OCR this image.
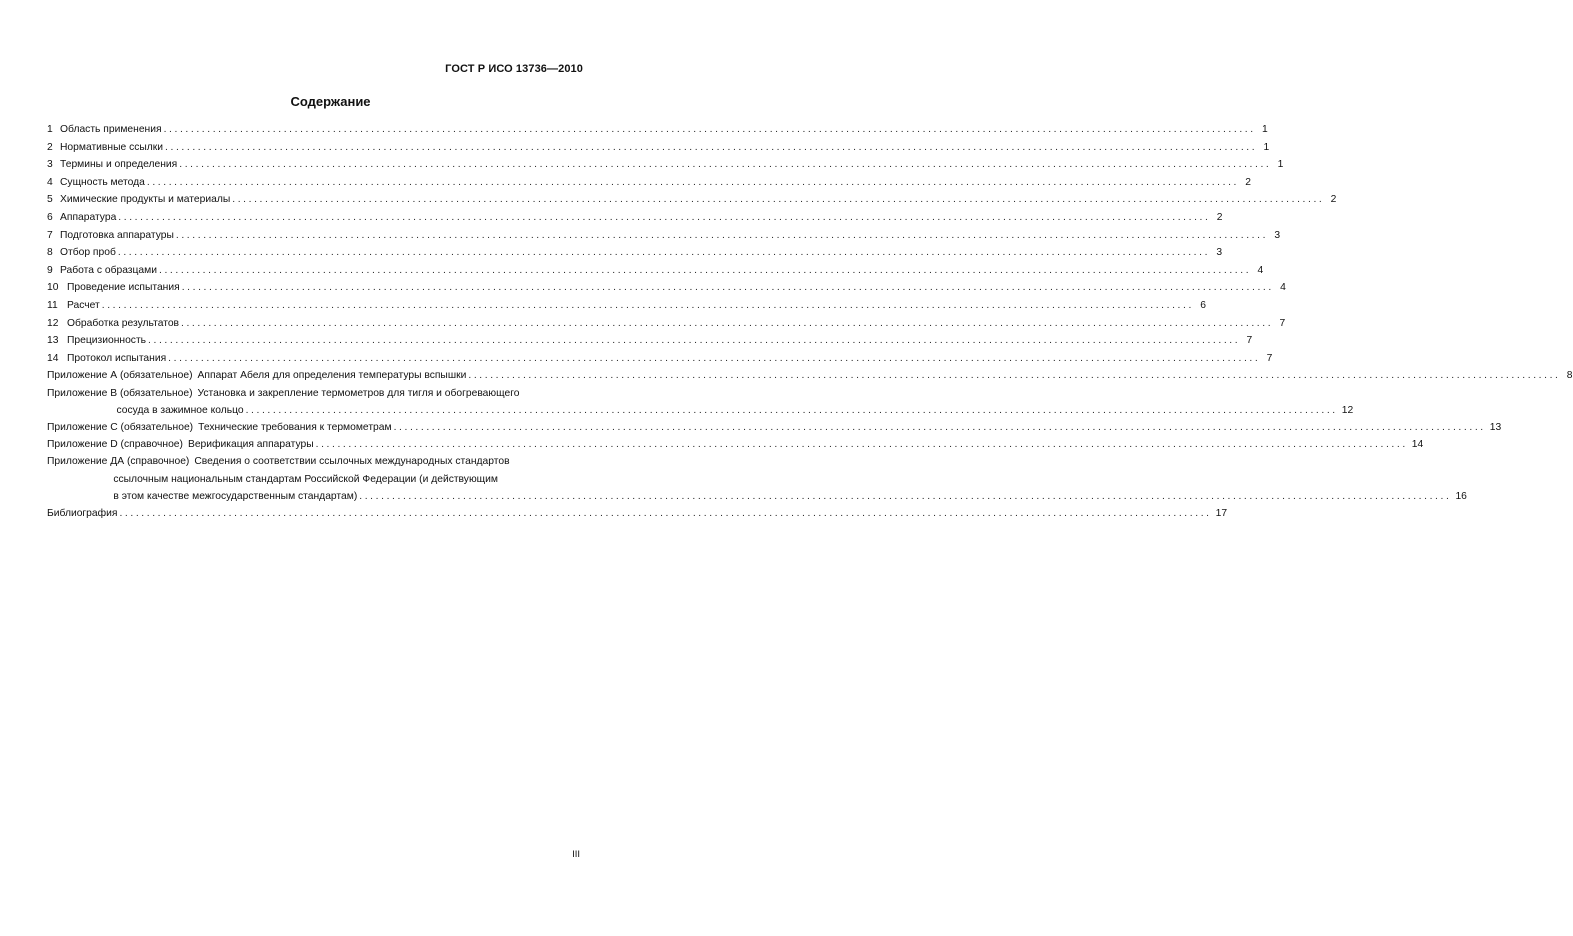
ГОСТ Р ИСО 13736—2010
Содержание
1 Область применения ........................................................................................................................................................................................................ 1
2 Нормативные ссылки ........................................................................................................................................................................................................ 1
3 Термины и определения ........................................................................................................................................................................................................ 1
4 Сущность метода ........................................................................................................................................................................................................ 2
5 Химические продукты и материалы ........................................................................................................................................................................................................ 2
6 Аппаратура ........................................................................................................................................................................................................ 2
7 Подготовка аппаратуры ........................................................................................................................................................................................................ 3
8 Отбор проб ........................................................................................................................................................................................................ 3
9 Работа с образцами ........................................................................................................................................................................................................ 4
10 Проведение испытания ........................................................................................................................................................................................................ 4
11 Расчет ........................................................................................................................................................................................................ 6
12 Обработка результатов ........................................................................................................................................................................................................ 7
13 Прецизионность ........................................................................................................................................................................................................ 7
14 Протокол испытания ........................................................................................................................................................................................................ 7
Приложение А (обязательное) Аппарат Абеля для определения температуры вспышки ........................................................................................................................................................................................................ 8
Приложение В (обязательное) Установка и закрепление термометров для тигля и обогревающего
сосуда в зажимное кольцо ........................................................................................................................................................................................................ 12
Приложение С (обязательное) Технические требования к термометрам ........................................................................................................................................................................................................ 13
Приложение D (справочное) Верификация аппаратуры ........................................................................................................................................................................................................ 14
Приложение ДА (справочное) Сведения о соответствии ссылочных международных стандартов
ссылочным национальным стандартам Российской Федерации (и действующим
в этом качестве межгосударственным стандартам) ........................................................................................................................................................................................................ 16
Библиография ........................................................................................................................................................................................................ 17
III
